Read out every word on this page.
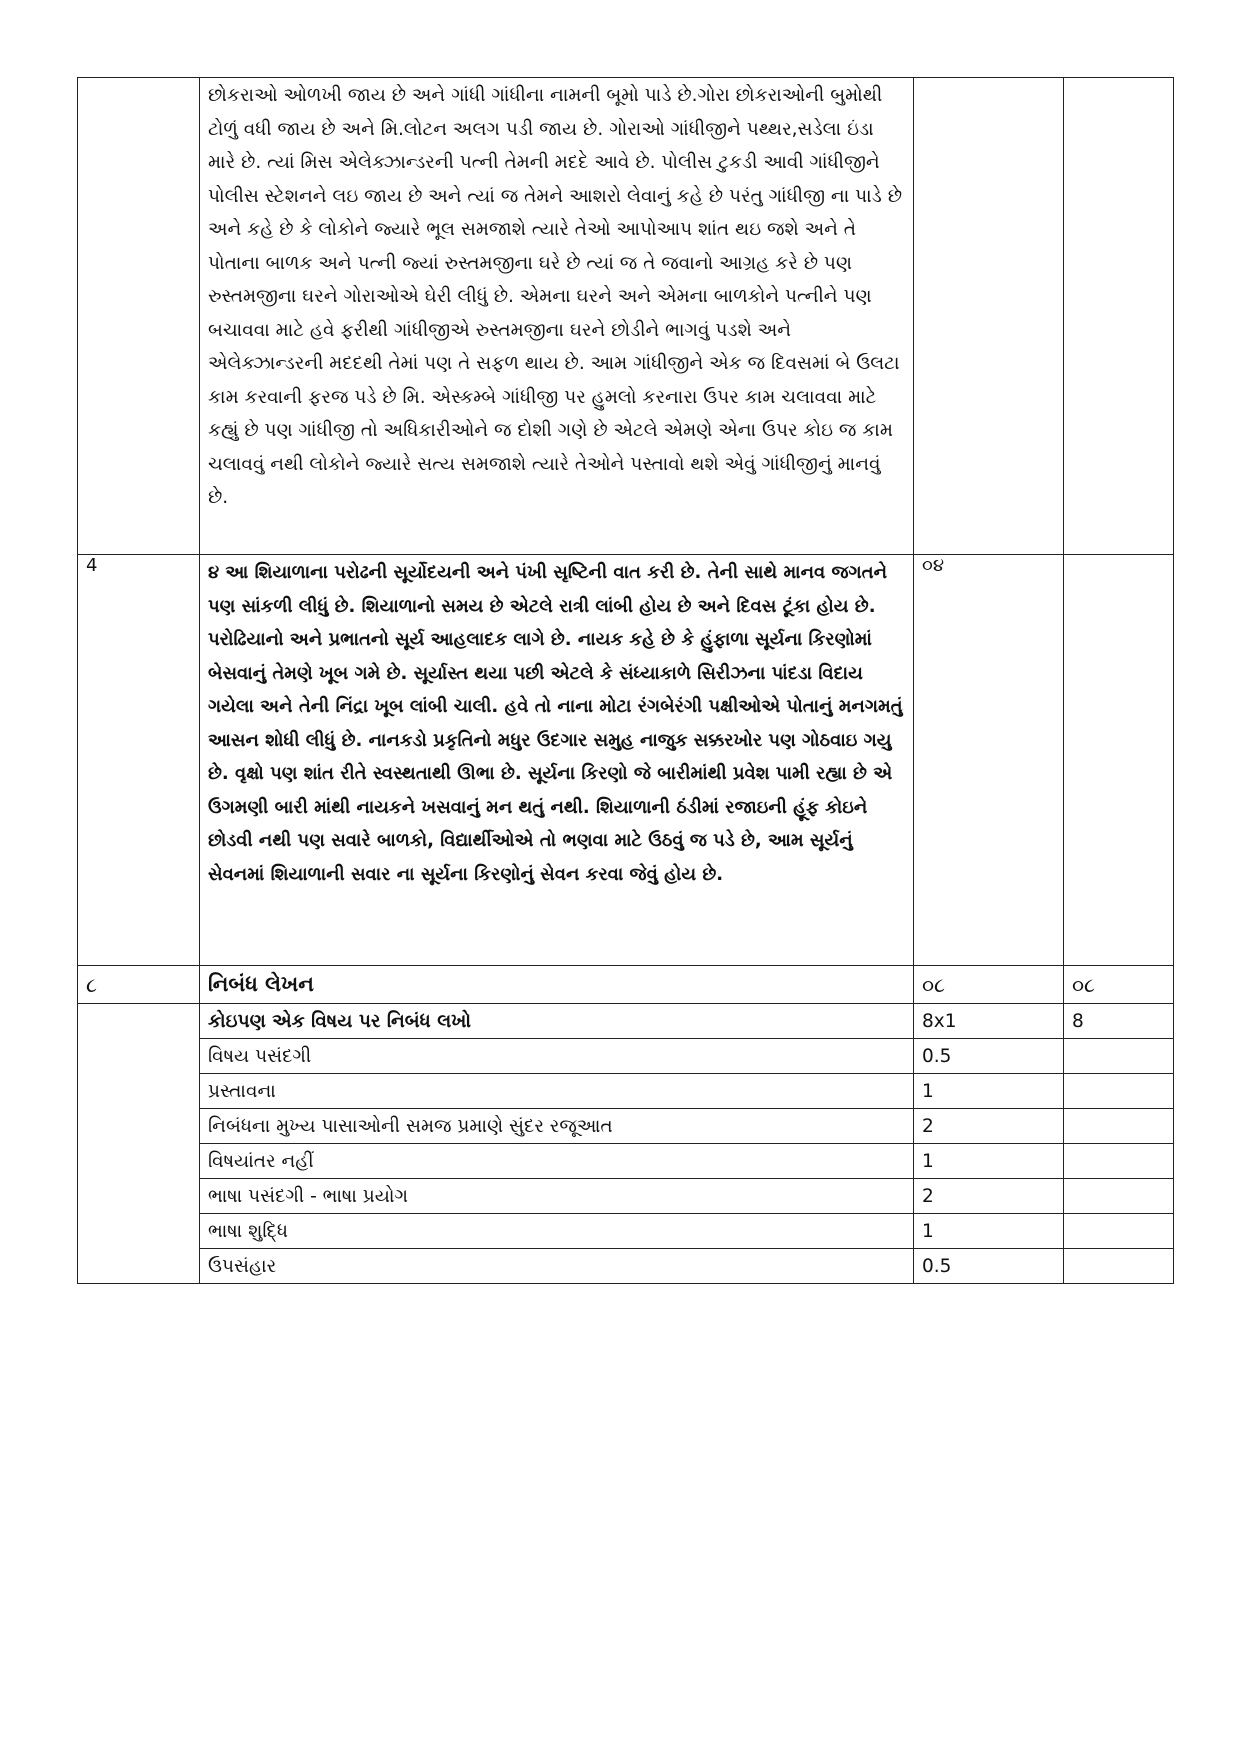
	છોકરાઓ ઓળખી જાય છે અને ગાંધી ગાંધીના નામની બૂમો પાડે છે.ગોરા છોકરાઓની બુમોથી ટોળું વધી જાય છે અને મિ.લોટન અલગ પડી જાય છે. ગોરાઓ ગાંધીજીને પથ્થર,સડેલા ઇંડા મારે છે. ત્યાં મિસ એલેક્ઝાન્ડરની પત્ની તેમની મદદે આવે છે. પોલીસ ટુકડી આવી ગાંધીજીને પોલીસ સ્ટેશનને લઇ જાય છે અને ત્યાં જ તેમને આશરો લેવાનું કહે છે પરંતુ ગાંધીજી ના પાડે છે અને કહે છે કે લોકોને જ્યારે ભૂલ સમજાશે ત્યારે તેઓ આપોઆપ શાંત થઇ જશે અને તે પોતાના બાળક અને પત્ની જ્યાં રુસ્તમજીના ઘરે છે ત્યાં જ તે જવાનો આગ્રહ કરે છે પણ રુસ્તમજીના ઘરને ગોરાઓએ ઘેરી લીધું છે. એમના ઘરને અને એમના બાળકોને પત્નીને પણ બચાવવા માટે હવે ફરીથી ગાંધીજીએ રુસ્તમજીના ઘરને છોડીને ભાગવું પડશે અને એલેક્ઝાન્ડરની મદદથી તેમાં પણ તે સફળ થાય છે. આમ ગાંધીજીને એક જ દિવસમાં બે ઉલટા કામ કરવાની ફરજ પડે છે મિ. એસ્કમ્બે ગાંધીજી પર હુમલો કરનારા ઉપર કામ ચલાવવા માટે કહ્યું છે પણ ગાંધીજી તો અધિકારીઓને જ દોશી ગણે છે એટલે એમણે એના ઉપર કોઇ જ કામ ચલાવવું નથી લોકોને જ્યારે સત્ય સમજાશે ત્યારે તેઓને પસ્તાવો થશે એવું ગાંધીજીનું માનવું છે.		

4	૪ આ શિયાળાના પરોઢની સૂર્યોદયની અને પંખી સૃષ્ટિની વાત કરી છે. તેની સાથે માનવ જગતને પણ સાંકળી લીધું છે. શિયાળાનો સમય છે એટલે રાત્રી લાંબી હોય છે અને દિવસ ટૂંકા હોય છે. પરોઢિયાનો અને પ્રભાતનો સૂર્ય આહલાદક લાગે છે. નાયક કહે છે કે હુંફાળા સૂર્યના કિરણોમાં બેસવાનું તેમણે ખૂબ ગમે છે. સૂર્યાસ્ત થયા પછી એટલે કે સંધ્યાકાળે સિરીઝના પાંદડા વિદાય ગયેલા અને તેની નિંદ્રા ખૂબ લાંબી ચાલી. હવે તો નાના મોટા રંગબેરંગી પક્ષીઓએ પોતાનું મનગમતું આસન શોધી લીધું છે. નાનકડો પ્રકૃતિનો મધુર ઉદગાર સમુહ નાજુક સક્કરખોર પણ ગોઠવાઇ ગયુ છે. વૃક્ષો પણ શાંત રીતે સ્વસ્થતાથી ઊભા છે. સૂર્યના કિરણો જે બારીમાંથી પ્રવેશ પામી રહ્યા છે એ ઉગમણી બારી માંથી નાયકને ખસવાનું મન થતું નથી. શિયાળાની ઠંડીમાં રજાઇની હૂંફ કોઇને છોડવી નથી પણ સવારે બાળકો, વિદ્યાર્થીઓએ તો ભણવા માટે ઉઠવું જ પડે છે, આમ સૂર્યનું સેવનમાં શિયાળાની સવાર ના સૂર્યના કિરણોનું સેવન કરવા જેવું હોય છે.	૦૪	
૮	નિબંધ લેખન	૦૮	૦૮
	કોઇપણ એક વિષય પર નિબંધ લખો	8x1	8
	વિષય પસંદગી	0.5	
	પ્રસ્તાવના	1	
	નિબંધના મુખ્ય પાસાઓની સમજ પ્રમાણે સુંદર રજૂઆત	2	
	વિષયાંતર નહીં	1	
	ભાષા પસંદગી - ભાષા પ્રયોગ	2	
	ભાષા શુદ્ધિ	1	
	ઉપસંહાર	0.5	
